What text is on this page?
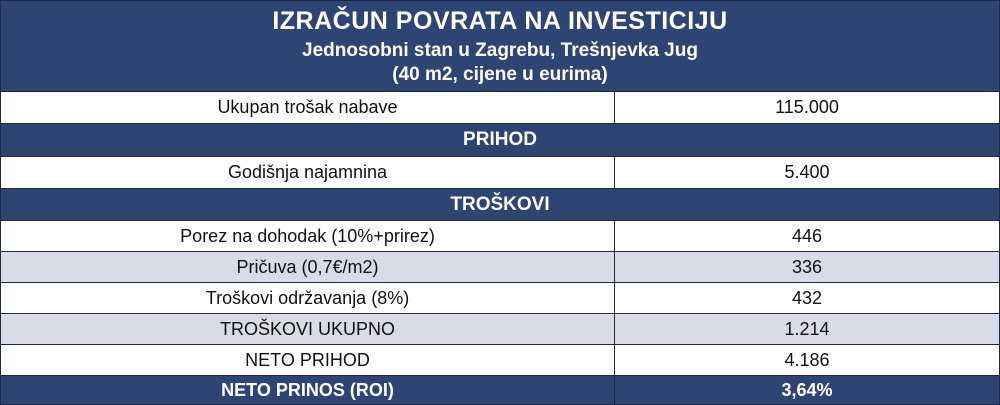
IZRAČUN POVRATA NA INVESTICIJU
Jednosobni stan u Zagrebu, Trešnjevka Jug
(40 m2, cijene u eurima)
Ukupan trošak nabave	115.000
PRIHOD
Godišnja najamnina	5.400
TROŠKOVI
Porez na dohodak (10%+prirez)	446
Pričuva (0,7€/m2)	336
Troškovi održavanja (8%)	432
TROŠKOVI UKUPNO	1.214
NETO PRIHOD	4.186
NETO PRINOS (ROI)	3,64%
